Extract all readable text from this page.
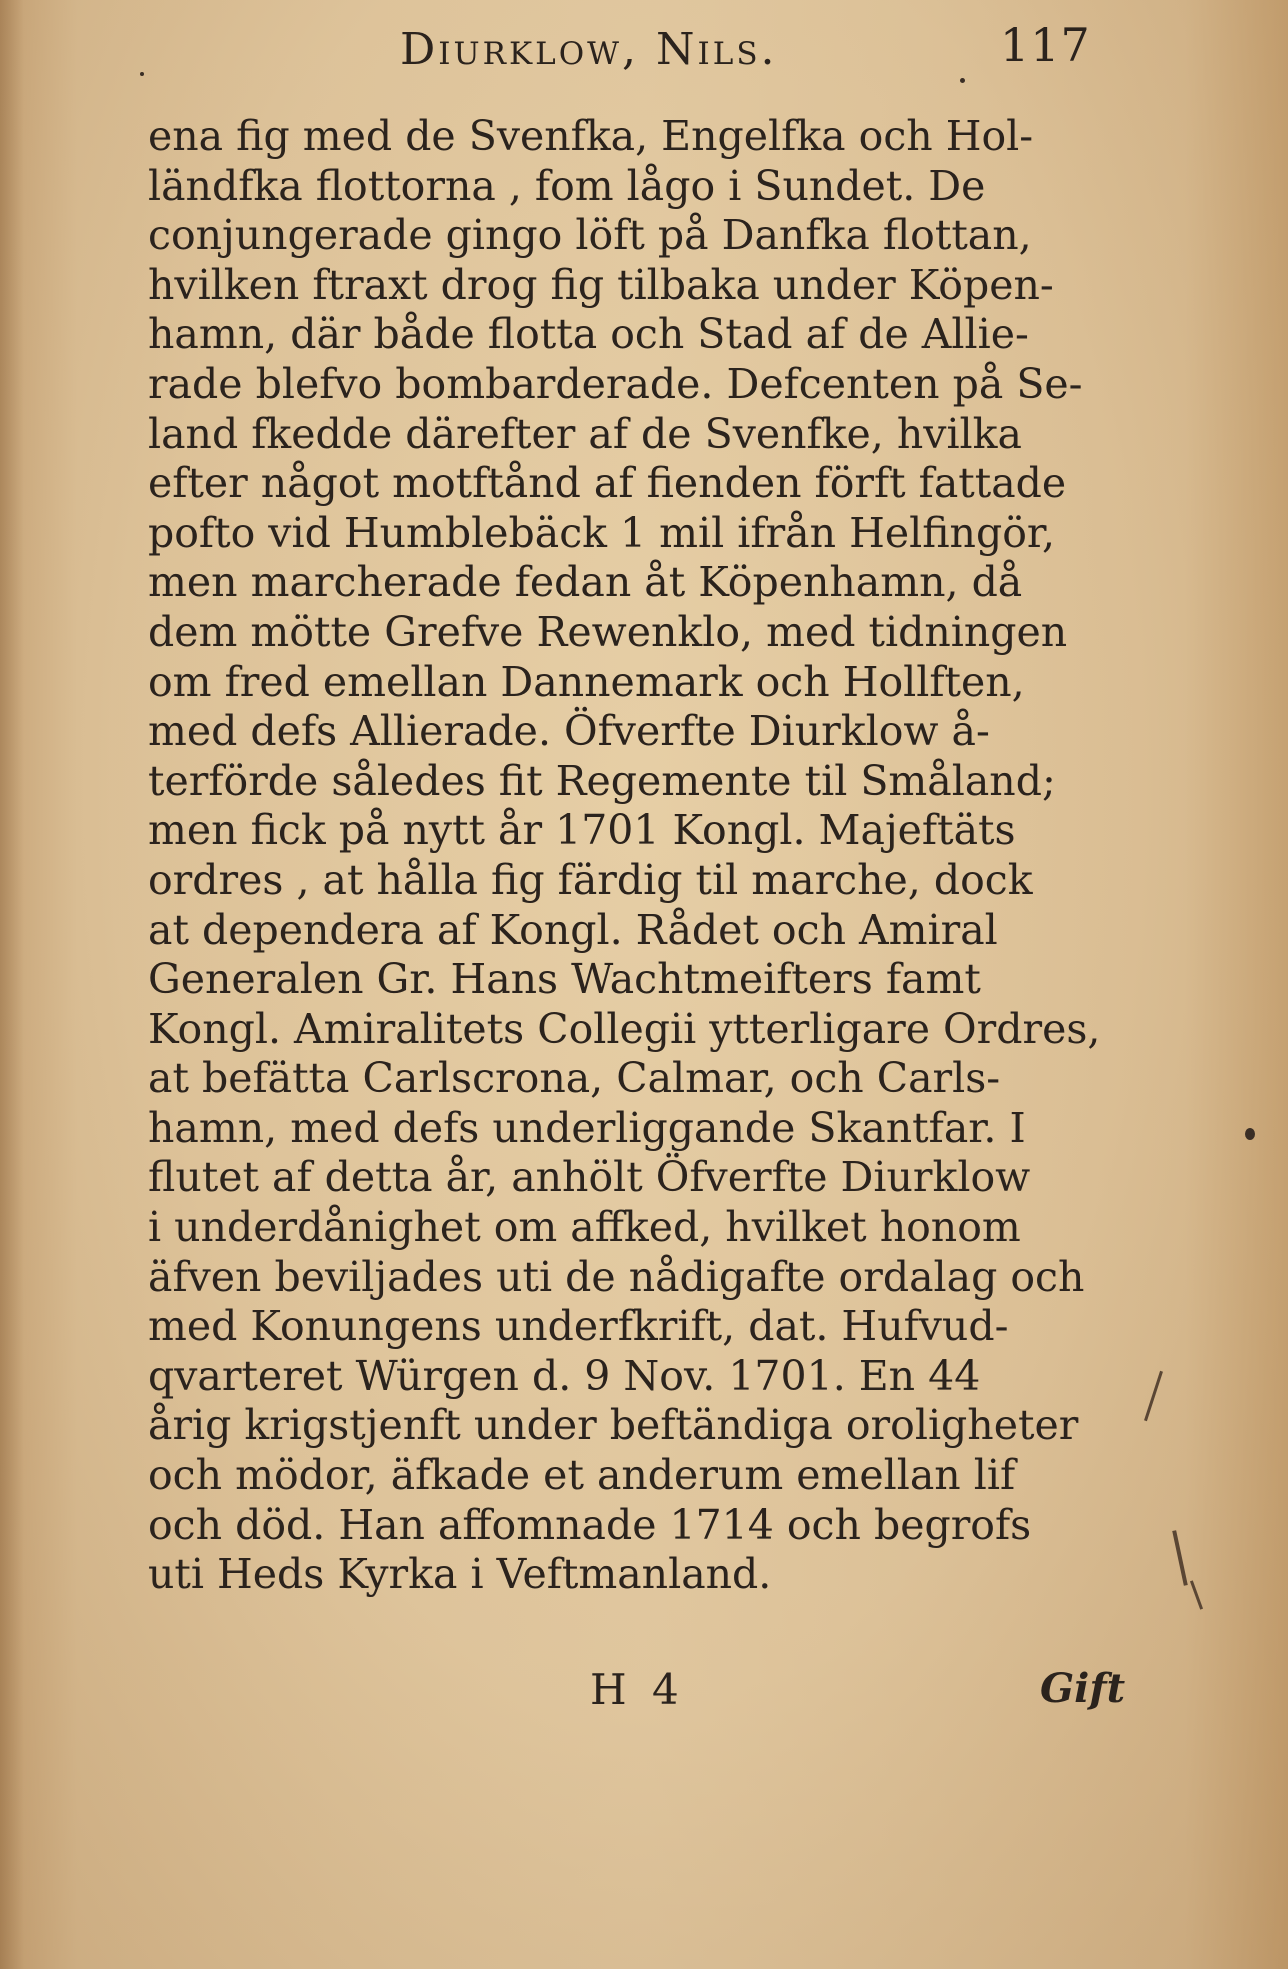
Diurklow, Nils.	117
ena fig med de Svenfka, Engelfka och Hol-
ländfka flottorna , fom lågo i Sundet. De
conjungerade gingo löft på Danfka flottan,
hvilken ftraxt drog fig tilbaka under Köpen-
hamn, där både flotta och Stad af de Allie-
rade blefvo bombarderade. Defcenten på Se-
land fkedde därefter af de Svenfke, hvilka
efter något motftånd af fienden förft fattade
pofto vid Humblebäck 1 mil ifrån Helfingör,
men marcherade fedan åt Köpenhamn, då
dem mötte Grefve Rewenklo, med tidningen
om fred emellan Dannemark och Hollften,
med defs Allierade. Öfverfte Diurklow å-
terförde således fit Regemente til Småland;
men fick på nytt år 1701 Kongl. Majeftäts
ordres , at hålla fig färdig til marche, dock
at dependera af Kongl. Rådet och Amiral
Generalen Gr. Hans Wachtmeifters famt
Kongl. Amiralitets Collegii ytterligare Ordres,
at befätta Carlscrona, Calmar, och Carls-
hamn, med defs underliggande Skantfar. I
flutet af detta år, anhölt Öfverfte Diurklow
i underdånighet om affked, hvilket honom
äfven beviljades uti de nådigafte ordalag och
med Konungens underfkrift, dat. Hufvud-
qvarteret Würgen d. 9 Nov. 1701. En 44
årig krigstjenft under beftändiga oroligheter
och mödor, äfkade et anderum emellan lif
och död. Han affomnade 1714 och begrofs
uti Heds Kyrka i Veftmanland.
H 4	Gift
